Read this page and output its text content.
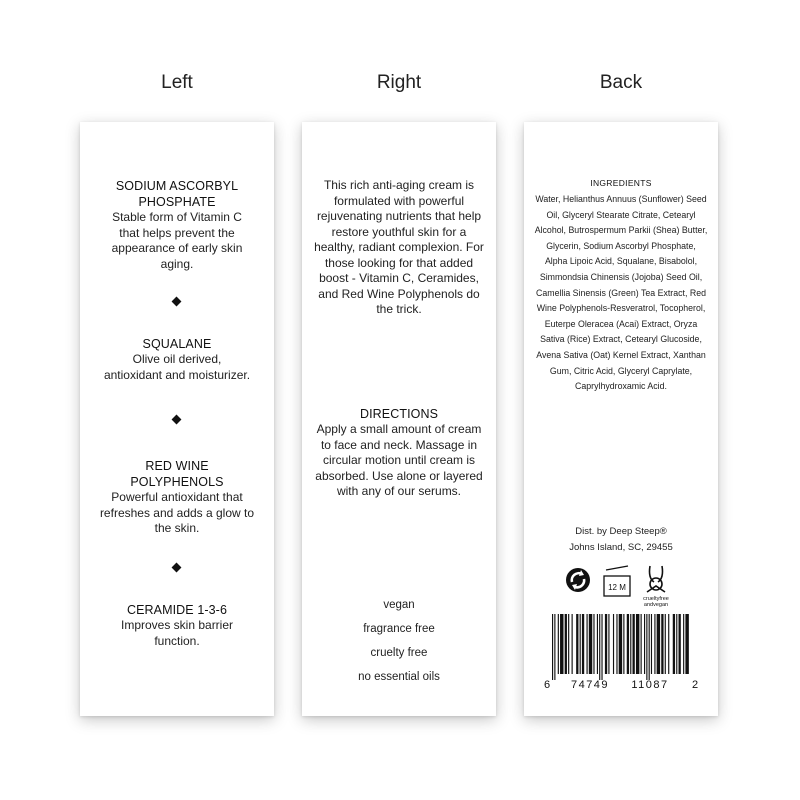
Left	Right	Back
SODIUM ASCORBYL PHOSPHATE
Stable form of Vitamin C that helps prevent the appearance of early skin aging.
SQUALANE
Olive oil derived, antioxidant and moisturizer.
RED WINE POLYPHENOLS
Powerful antioxidant that refreshes and adds a glow to the skin.
CERAMIDE 1-3-6
Improves skin barrier function.
This rich anti-aging cream is formulated with powerful rejuvenating nutrients that help restore youthful skin for a healthy, radiant complexion. For those looking for that added boost - Vitamin C, Ceramides, and Red Wine Polyphenols do the trick.
DIRECTIONS
Apply a small amount of cream to face and neck. Massage in circular motion until cream is absorbed. Use alone or layered with any of our serums.
vegan
fragrance free
cruelty free
no essential oils
INGREDIENTS
Water, Helianthus Annuus (Sunflower) Seed Oil, Glyceryl Stearate Citrate, Cetearyl Alcohol, Butrospermum Parkii (Shea) Butter, Glycerin, Sodium Ascorbyl Phosphate, Alpha Lipoic Acid, Squalane, Bisabolol, Simmondsia Chinensis (Jojoba) Seed Oil, Camellia Sinensis (Green) Tea Extract, Red Wine Polyphenols-Resveratrol, Tocopherol, Euterpe Oleracea (Acai) Extract, Oryza Sativa (Rice) Extract, Cetearyl Glucoside, Avena Sativa (Oat) Kernel Extract, Xanthan Gum, Citric Acid, Glyceryl Caprylate, Caprylhydroxamic Acid.
Dist. by Deep Steep®
Johns Island, SC, 29455
12 M
crueltyfree
andvegan
6 74749 11087 2
